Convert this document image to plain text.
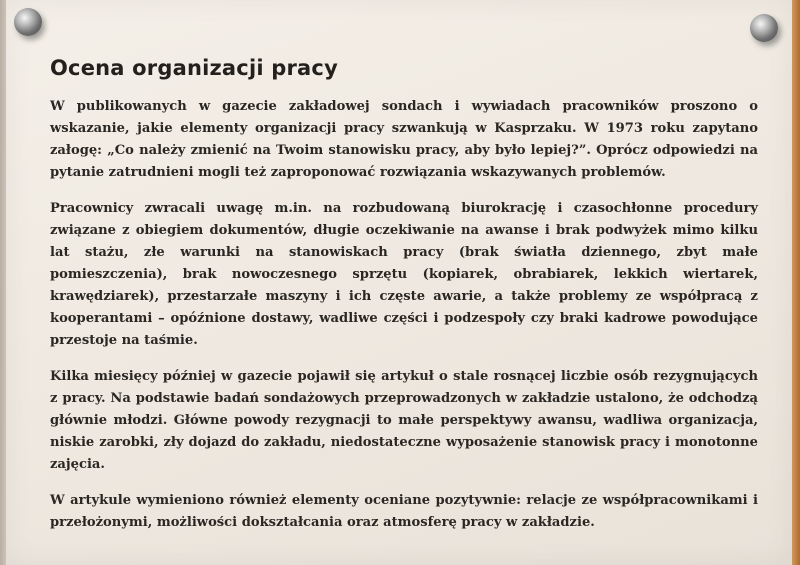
Ocena organizacji pracy

W publikowanych w gazecie zakładowej sondach i wywiadach pracowników proszono o wskazanie, jakie elementy organizacji pracy szwankują w Kasprzaku. W 1973 roku zapytano załogę: „Co należy zmienić na Twoim stanowisku pracy, aby było lepiej?”. Oprócz odpowiedzi na pytanie zatrudnieni mogli też zaproponować rozwiązania wskazywanych problemów.

Pracownicy zwracali uwagę m.in. na rozbudowaną biurokrację i czasochłonne procedury związane z obiegiem dokumentów, długie oczekiwanie na awanse i brak podwyżek mimo kilku lat stażu, złe warunki na stanowiskach pracy (brak światła dziennego, zbyt małe pomieszczenia), brak nowoczesnego sprzętu (kopiarek, obrabiarek, lekkich wiertarek, krawędziarek), przestarzałe maszyny i ich częste awarie, a także problemy ze współpracą z kooperantami – opóźnione dostawy, wadliwe części i podzespoły czy braki kadrowe powodujące przestoje na taśmie.

Kilka miesięcy później w gazecie pojawił się artykuł o stale rosnącej liczbie osób rezygnujących z pracy. Na podstawie badań sondażowych przeprowadzonych w zakładzie ustalono, że odchodzą głównie młodzi. Główne powody rezygnacji to małe perspektywy awansu, wadliwa organizacja, niskie zarobki, zły dojazd do zakładu, niedostateczne wyposażenie stanowisk pracy i monotonne zajęcia.

W artykule wymieniono również elementy oceniane pozytywnie: relacje ze współpracownikami i przełożonymi, możliwości dokształcania oraz atmosferę pracy w zakładzie.
